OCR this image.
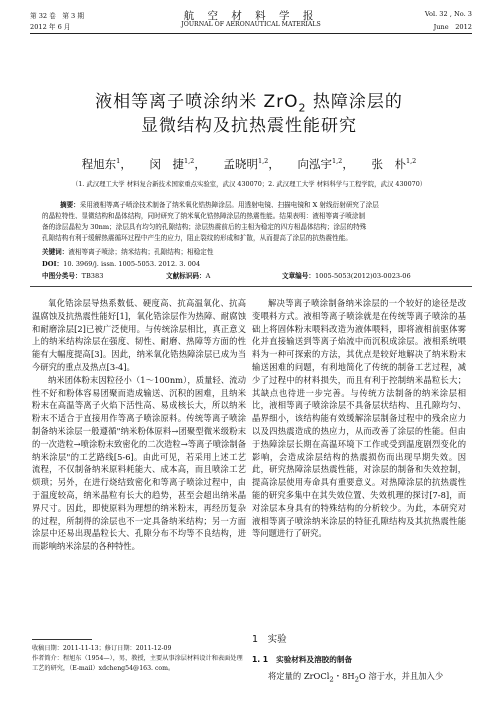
第 32 卷　第 3 期
2012 年 6 月
航 空 材 料 学 报
JOURNAL OF AERONAUTICAL MATERIALS
Vol. 32 , No. 3
June　2012
液相等离子喷涂纳米 ZrO$_2$ 热障涂层的
显微结构及抗热震性能研究
程旭东$^1$， 闵　捷$^{1,2}$， 孟晓明$^{1,2}$， 向泓宇$^{1,2}$， 张　朴$^{1,2}$
（1. 武汉理工大学 材料复合新技术国家重点实验室，武汉 430070；2. 武汉理工大学 材料科学与工程学院，武汉 430070）
摘要：采用液相等离子喷涂技术制备了纳米氧化锆热障涂层。用透射电镜、扫描电镜和 X 射线衍射研究了涂层
的晶粒特性、显微结构和晶体结构，同时研究了纳米氧化锆热障涂层的热震性能。结果表明：液相等离子喷涂制
备的涂层晶粒为 30nm；涂层具有均匀的孔隙结构；涂层热震前后的主相为稳定的四方相晶体结构；涂层的特殊
孔隙结构有利于缓解热震循环过程中产生的应力，阻止裂纹的形成和扩散，从而提高了涂层的抗热震性能。
关键词：液相等离子喷涂；纳米结构；孔隙结构；相稳定性
DOI：10. 3969/j. issn. 1005-5053. 2012. 3. 004
中图分类号：TB383	文献标识码：A	文章编号：1005-5053(2012)03-0023-06

氧化锆涂层导热系数低、硬度高、抗高温氧化、抗高温腐蚀及抗热震性能好[1]，氧化锆涂层作为热障、耐腐蚀和耐磨涂层[2]已被广泛使用。与传统涂层相比，真正意义上的纳米结构涂层在强度、韧性、耐磨、热障等方面的性能有大幅度提高[3]。因此，纳米氧化锆热障涂层已成为当今研究的重点及热点[3-4]。

纳米团体粉末因粒径小（1～100nm），质量轻、流动性不好和粉体容易团聚而造成输送、沉积的困难，且纳米粉末在高温等离子火焰下活性高、易成核长大，所以纳米粉末不适合于直接用作等离子喷涂原料。传统等离子喷涂制备纳米涂层一般遵循"纳米粉体原料→团聚型微米级粉末的一次造粒→喷涂粉末致密化的二次造粒→等离子喷涂制备纳米涂层"的工艺路线[5-6]。由此可见，若采用上述工艺流程，不仅制备纳米原料耗能大、成本高，而且喷涂工艺烦琐；另外，在进行烧结致密化和等离子喷涂过程中，由于温度较高，纳米晶粒有长大的趋势，甚至会超出纳米晶界尺寸。因此，即使原料为理想的纳米粉末，再经历复杂的过程，所制得的涂层也不一定具备纳米结构；另一方面涂层中还易出现晶粒长大、孔隙分布不均等不良结构，进而影响纳米涂层的各种特性。

解决等离子喷涂制备纳米涂层的一个较好的途径是改变喂料方式。液相等离子喷涂就是在传统等离子喷涂的基础上将固体粉末喂料改造为液体喂料，即将液相前驱体雾化并直接输送到等离子焰流中而沉积成涂层。液相系统喂料为一种可探索的方法，其优点是较好地解决了纳米粉末输送困难的问题，有利地简化了传统的制备工艺过程，减少了过程中的材料损失，而且有利于控制纳米晶粒长大；其缺点也待进一步完善。与传统方法制备的纳米涂层相比，液相等离子喷涂涂层不具备层状结构、且孔隙均匀、晶界细小，该结构能有效缓解涂层制备过程中的残余应力以及四热震造成的热应力，从而改善了涂层的性能。但由于热障涂层长期在高温环境下工作或受到温度剧烈变化的影响，会造成涂层结构的热震损伤而出现早期失效。因此，研究热障涂层热震性能，对涂层的制备和失效控制，提高涂层使用寿命具有重要意义。对热障涂层的抗热震性能的研究多集中在其失效位置、失效机理的探讨[7-8]，而对涂层本身具有的特殊结构的分析较少。为此，本研究对液相等离子喷涂纳米涂层的特征孔隙结构及其抗热震性能等问题进行了研究。

收稿日期：2011-11-13；修订日期：2011-12-09
作者简介：程旭东（1954—），男，教授，主要从事涂层材料设计和表面处理工艺的研究，（E-mail）xdcheng54@163. com。
1　 实验
1. 1 实验材料及溶胶的制备
将定量的 ZrOCl$_2$・$8H_2O$ 溶于水，并且加入少
